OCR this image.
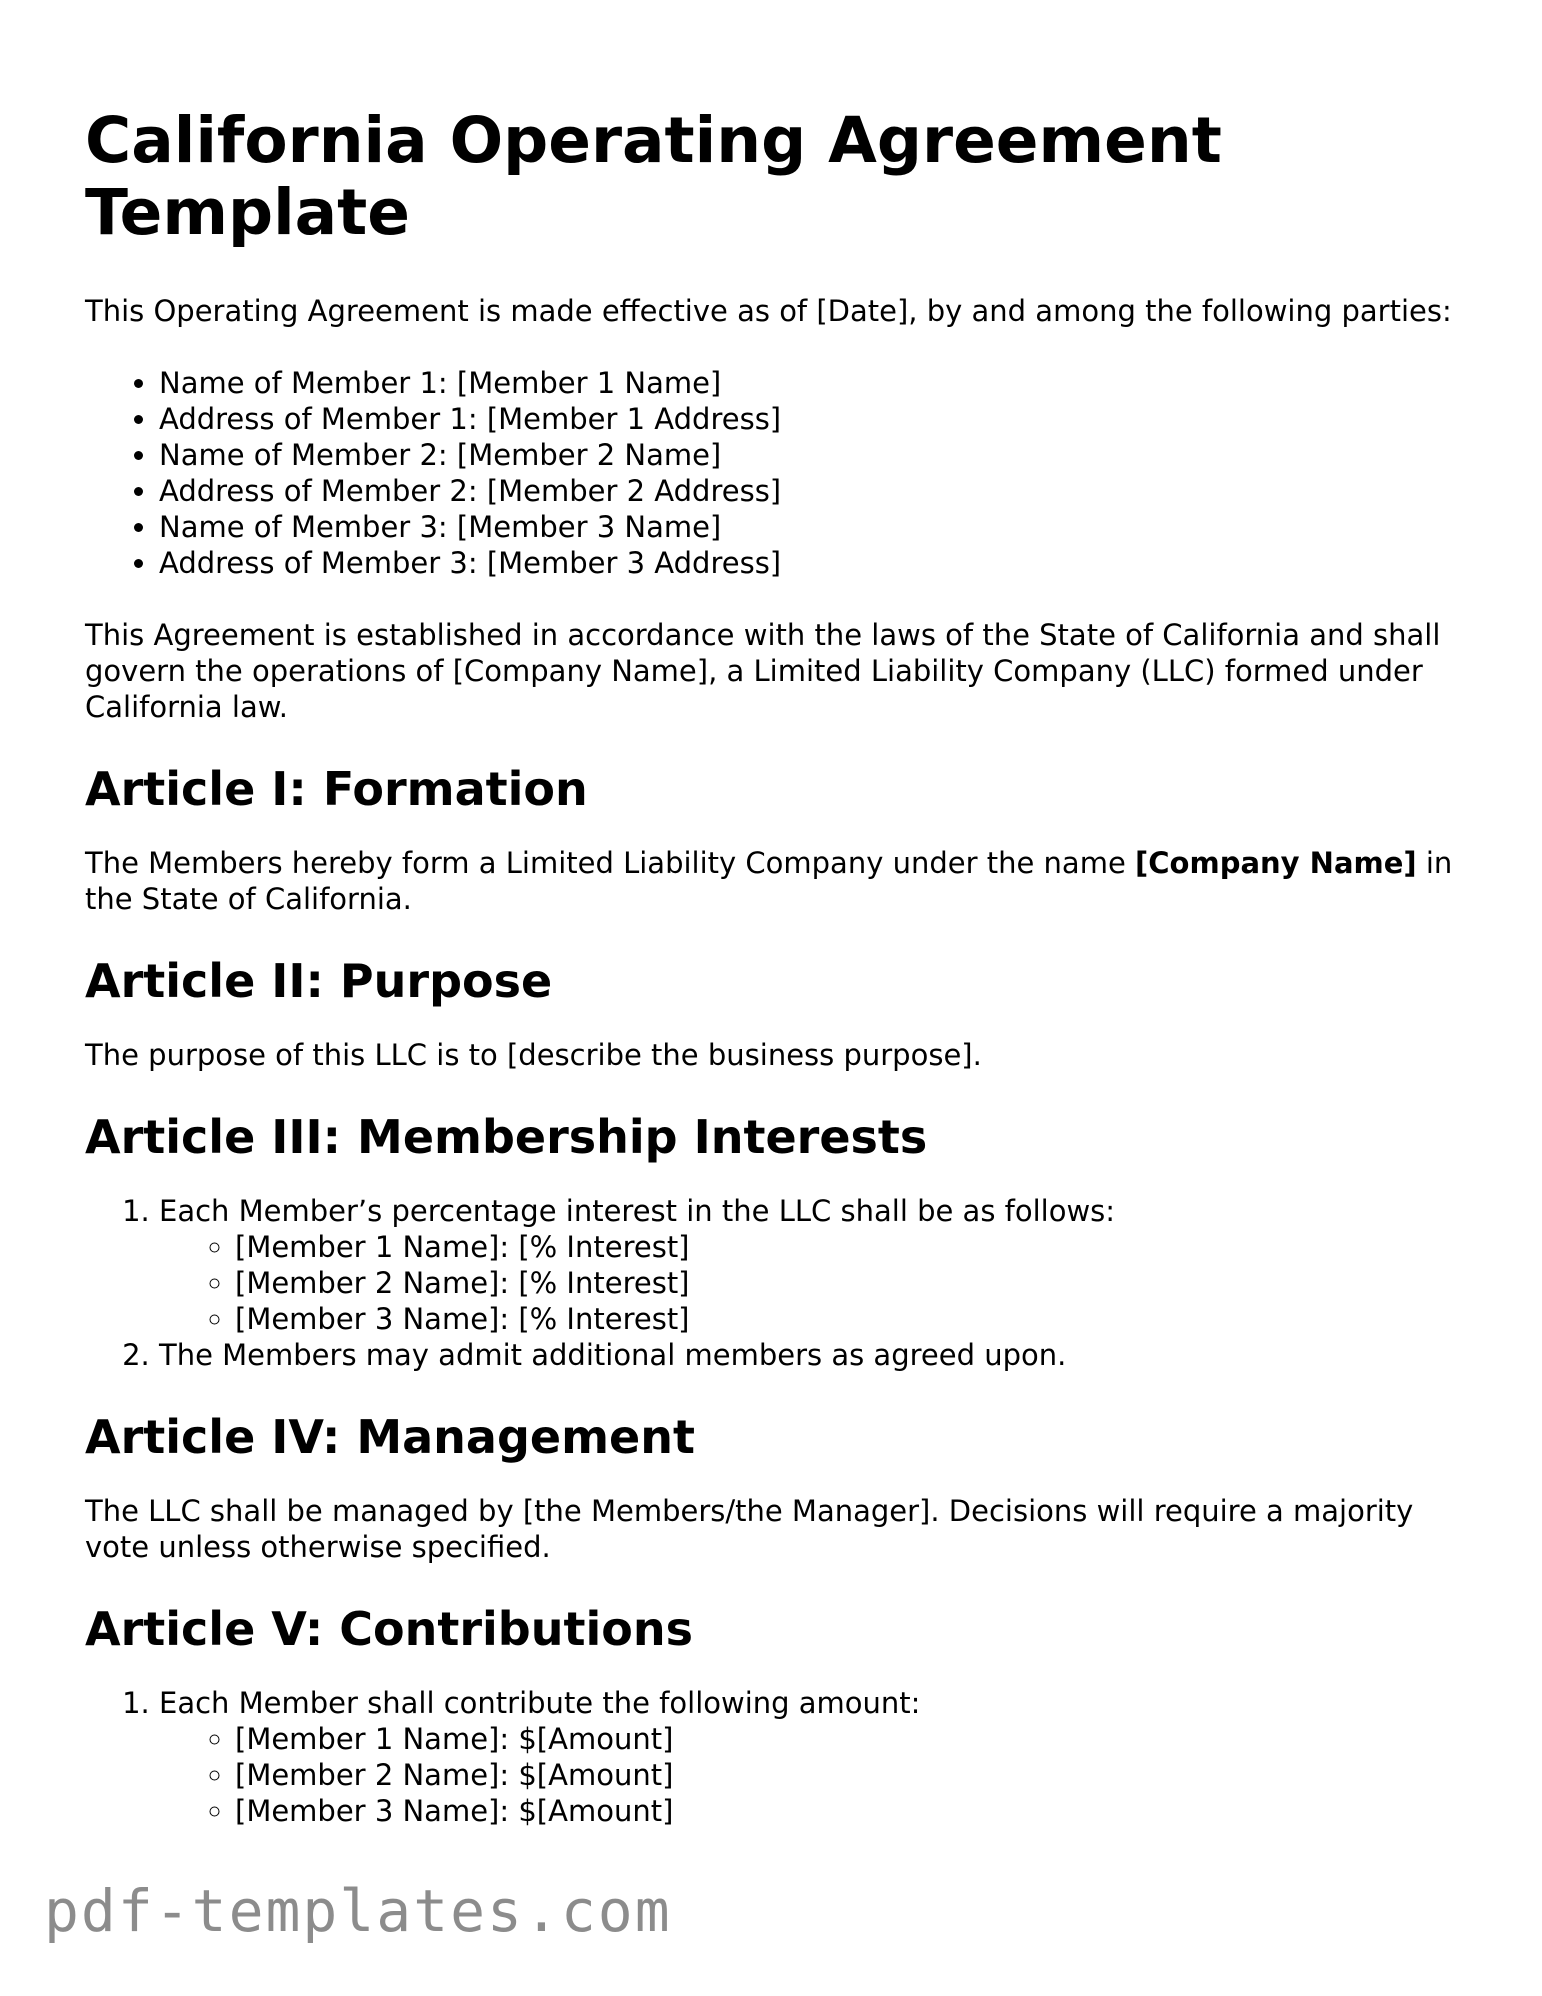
California Operating Agreement Template

This Operating Agreement is made effective as of [Date], by and among the following parties:

• Name of Member 1: [Member 1 Name]
• Address of Member 1: [Member 1 Address]
• Name of Member 2: [Member 2 Name]
• Address of Member 2: [Member 2 Address]
• Name of Member 3: [Member 3 Name]
• Address of Member 3: [Member 3 Address]

This Agreement is established in accordance with the laws of the State of California and shall govern the operations of [Company Name], a Limited Liability Company (LLC) formed under California law.

Article I: Formation

The Members hereby form a Limited Liability Company under the name [Company Name] in the State of California.

Article II: Purpose

The purpose of this LLC is to [describe the business purpose].

Article III: Membership Interests
1. Each Member’s percentage interest in the LLC shall be as follows:
◦ [Member 1 Name]: [% Interest]
◦ [Member 2 Name]: [% Interest]
◦ [Member 3 Name]: [% Interest]
2. The Members may admit additional members as agreed upon.
Article IV: Management

The LLC shall be managed by [the Members/the Manager]. Decisions will require a majority vote unless otherwise specified.

Article V: Contributions
1. Each Member shall contribute the following amount:
◦ [Member 1 Name]: $[Amount]
◦ [Member 2 Name]: $[Amount]
◦ [Member 3 Name]: $[Amount]
pdf-templates.com
